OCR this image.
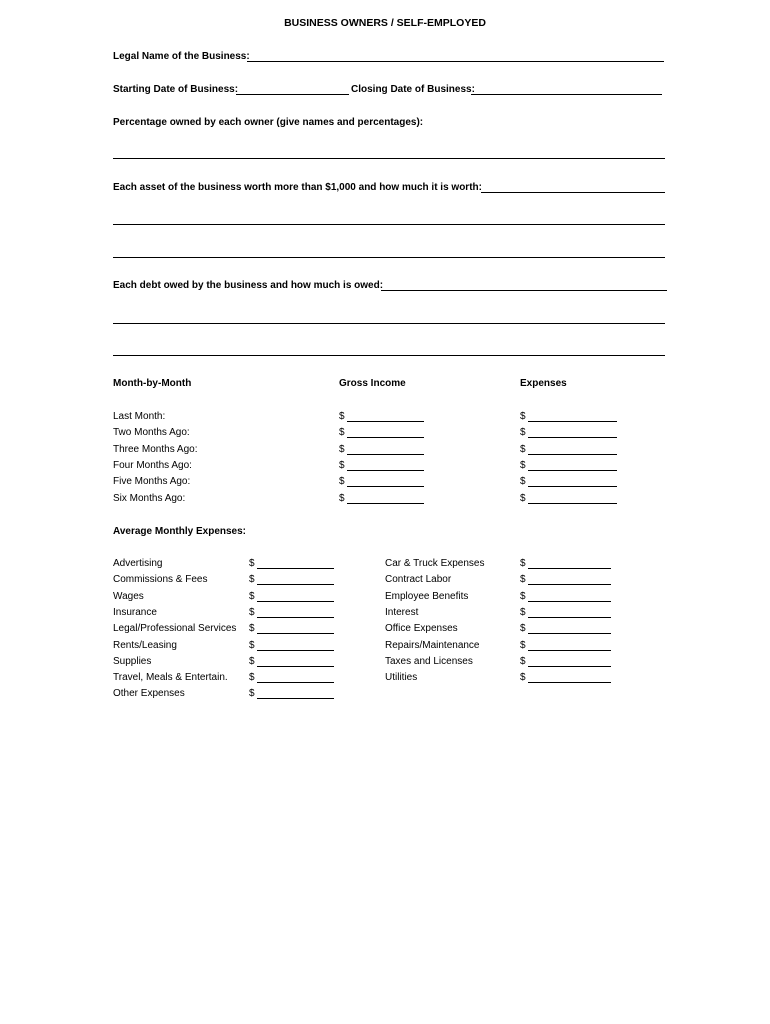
BUSINESS OWNERS / SELF-EMPLOYED
Legal Name of the Business:
Starting Date of Business:	Closing Date of Business:
Percentage owned by each owner (give names and percentages):
Each asset of the business worth more than $1,000 and how much it is worth:
Each debt owed by the business and how much is owed:
Month-by-Month	Gross Income	Expenses
Last Month:	$	$
Two Months Ago:	$	$
Three Months Ago:	$	$
Four Months Ago:	$	$
Five Months Ago:	$	$
Six Months Ago:	$	$
Average Monthly Expenses:
Advertising	$
Commissions & Fees	$
Wages	$
Insurance	$
Legal/Professional Services $
Rents/Leasing	$
Supplies	$
Travel, Meals & Entertain. $
Other Expenses	$
Car & Truck Expenses	$
Contract Labor	$
Employee Benefits	$
Interest	$
Office Expenses	$
Repairs/Maintenance	$
Taxes and Licenses	$
Utilities	$
